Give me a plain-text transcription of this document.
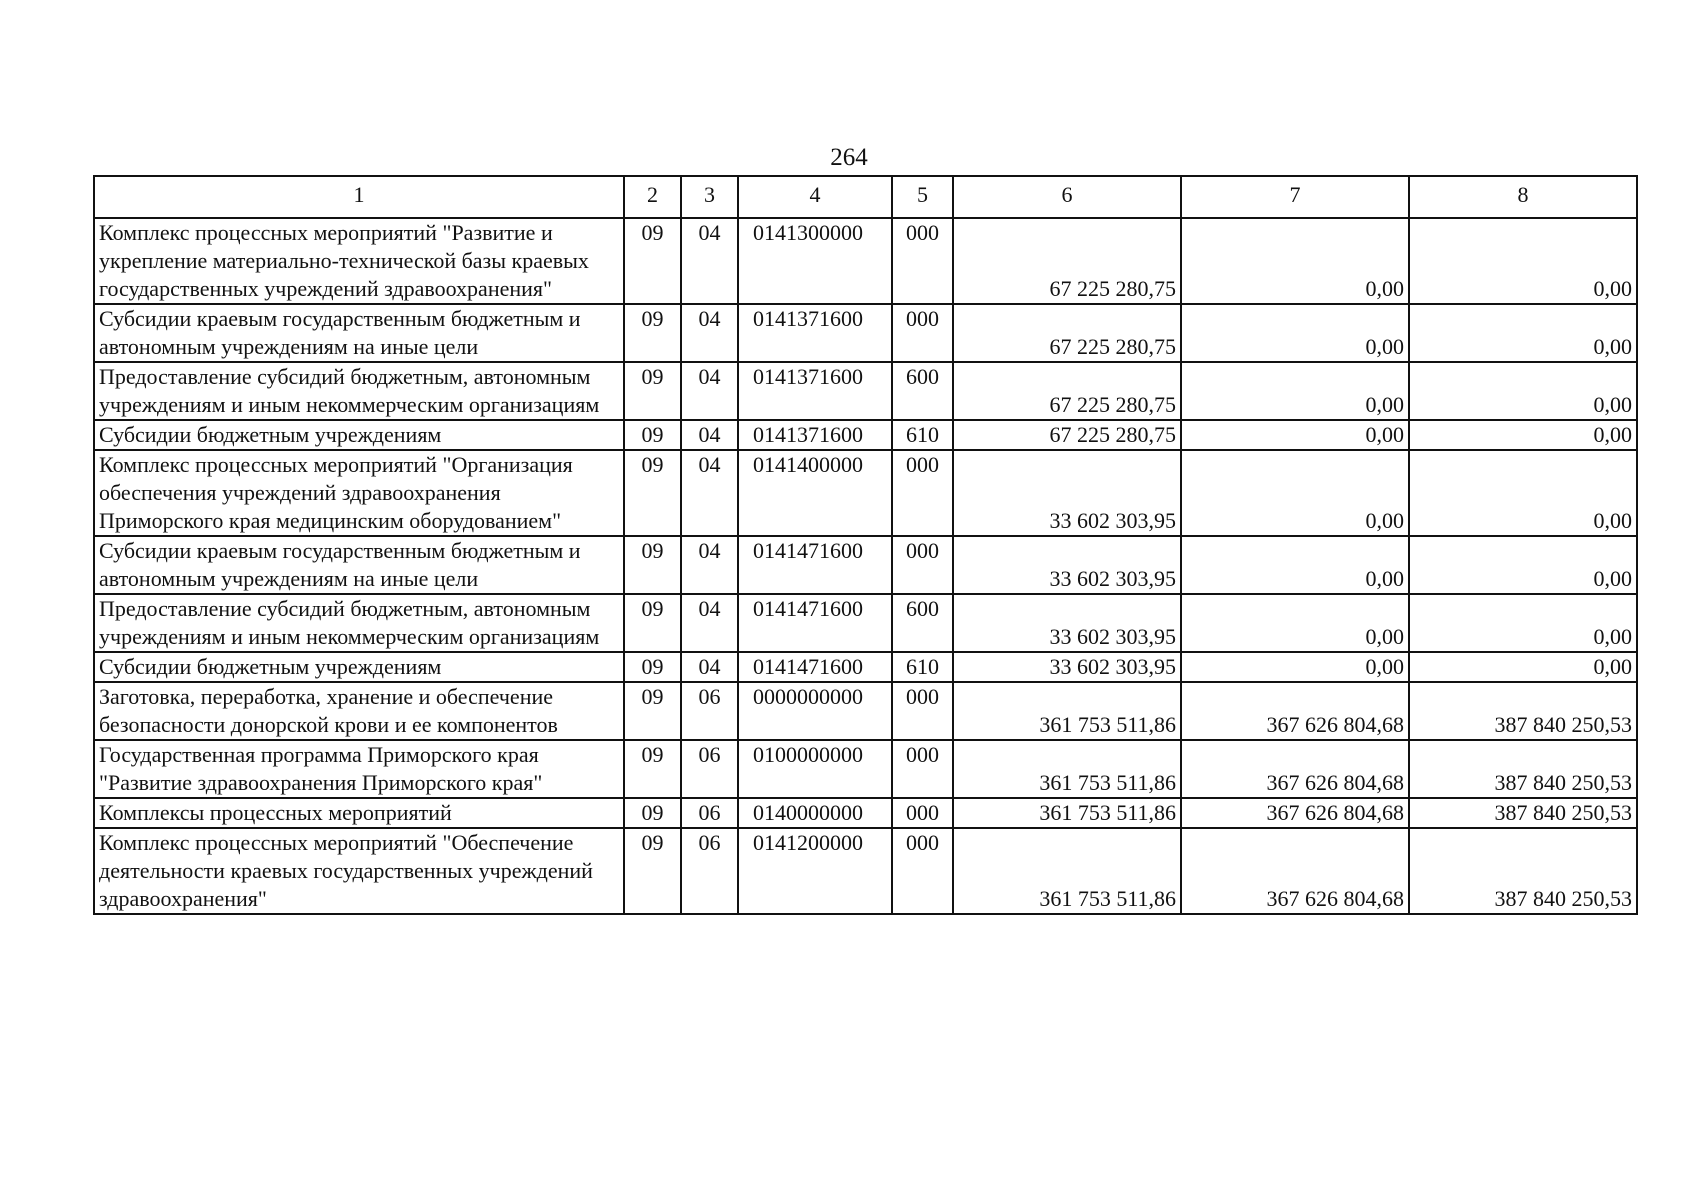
264
1	2	3	4	5	6	7	8
Комплекс процессных мероприятий "Развитие и укрепление материально-технической базы краевых государственных учреждений здравоохранения"	09	04	0141300000	000	67 225 280,75	0,00	0,00
Субсидии краевым государственным бюджетным и автономным учреждениям на иные цели	09	04	0141371600	000	67 225 280,75	0,00	0,00
Предоставление субсидий бюджетным, автономным учреждениям и иным некоммерческим организациям	09	04	0141371600	600	67 225 280,75	0,00	0,00
Субсидии бюджетным учреждениям	09	04	0141371600	610	67 225 280,75	0,00	0,00
Комплекс процессных мероприятий "Организация обеспечения учреждений здравоохранения Приморского края медицинским оборудованием"	09	04	0141400000	000	33 602 303,95	0,00	0,00
Субсидии краевым государственным бюджетным и автономным учреждениям на иные цели	09	04	0141471600	000	33 602 303,95	0,00	0,00
Предоставление субсидий бюджетным, автономным учреждениям и иным некоммерческим организациям	09	04	0141471600	600	33 602 303,95	0,00	0,00
Субсидии бюджетным учреждениям	09	04	0141471600	610	33 602 303,95	0,00	0,00
Заготовка, переработка, хранение и обеспечение безопасности донорской крови и ее компонентов	09	06	0000000000	000	361 753 511,86	367 626 804,68	387 840 250,53
Государственная программа Приморского края "Развитие здравоохранения Приморского края"	09	06	0100000000	000	361 753 511,86	367 626 804,68	387 840 250,53
Комплексы процессных мероприятий	09	06	0140000000	000	361 753 511,86	367 626 804,68	387 840 250,53
Комплекс процессных мероприятий "Обеспечение деятельности краевых государственных учреждений здравоохранения"	09	06	0141200000	000	361 753 511,86	367 626 804,68	387 840 250,53
